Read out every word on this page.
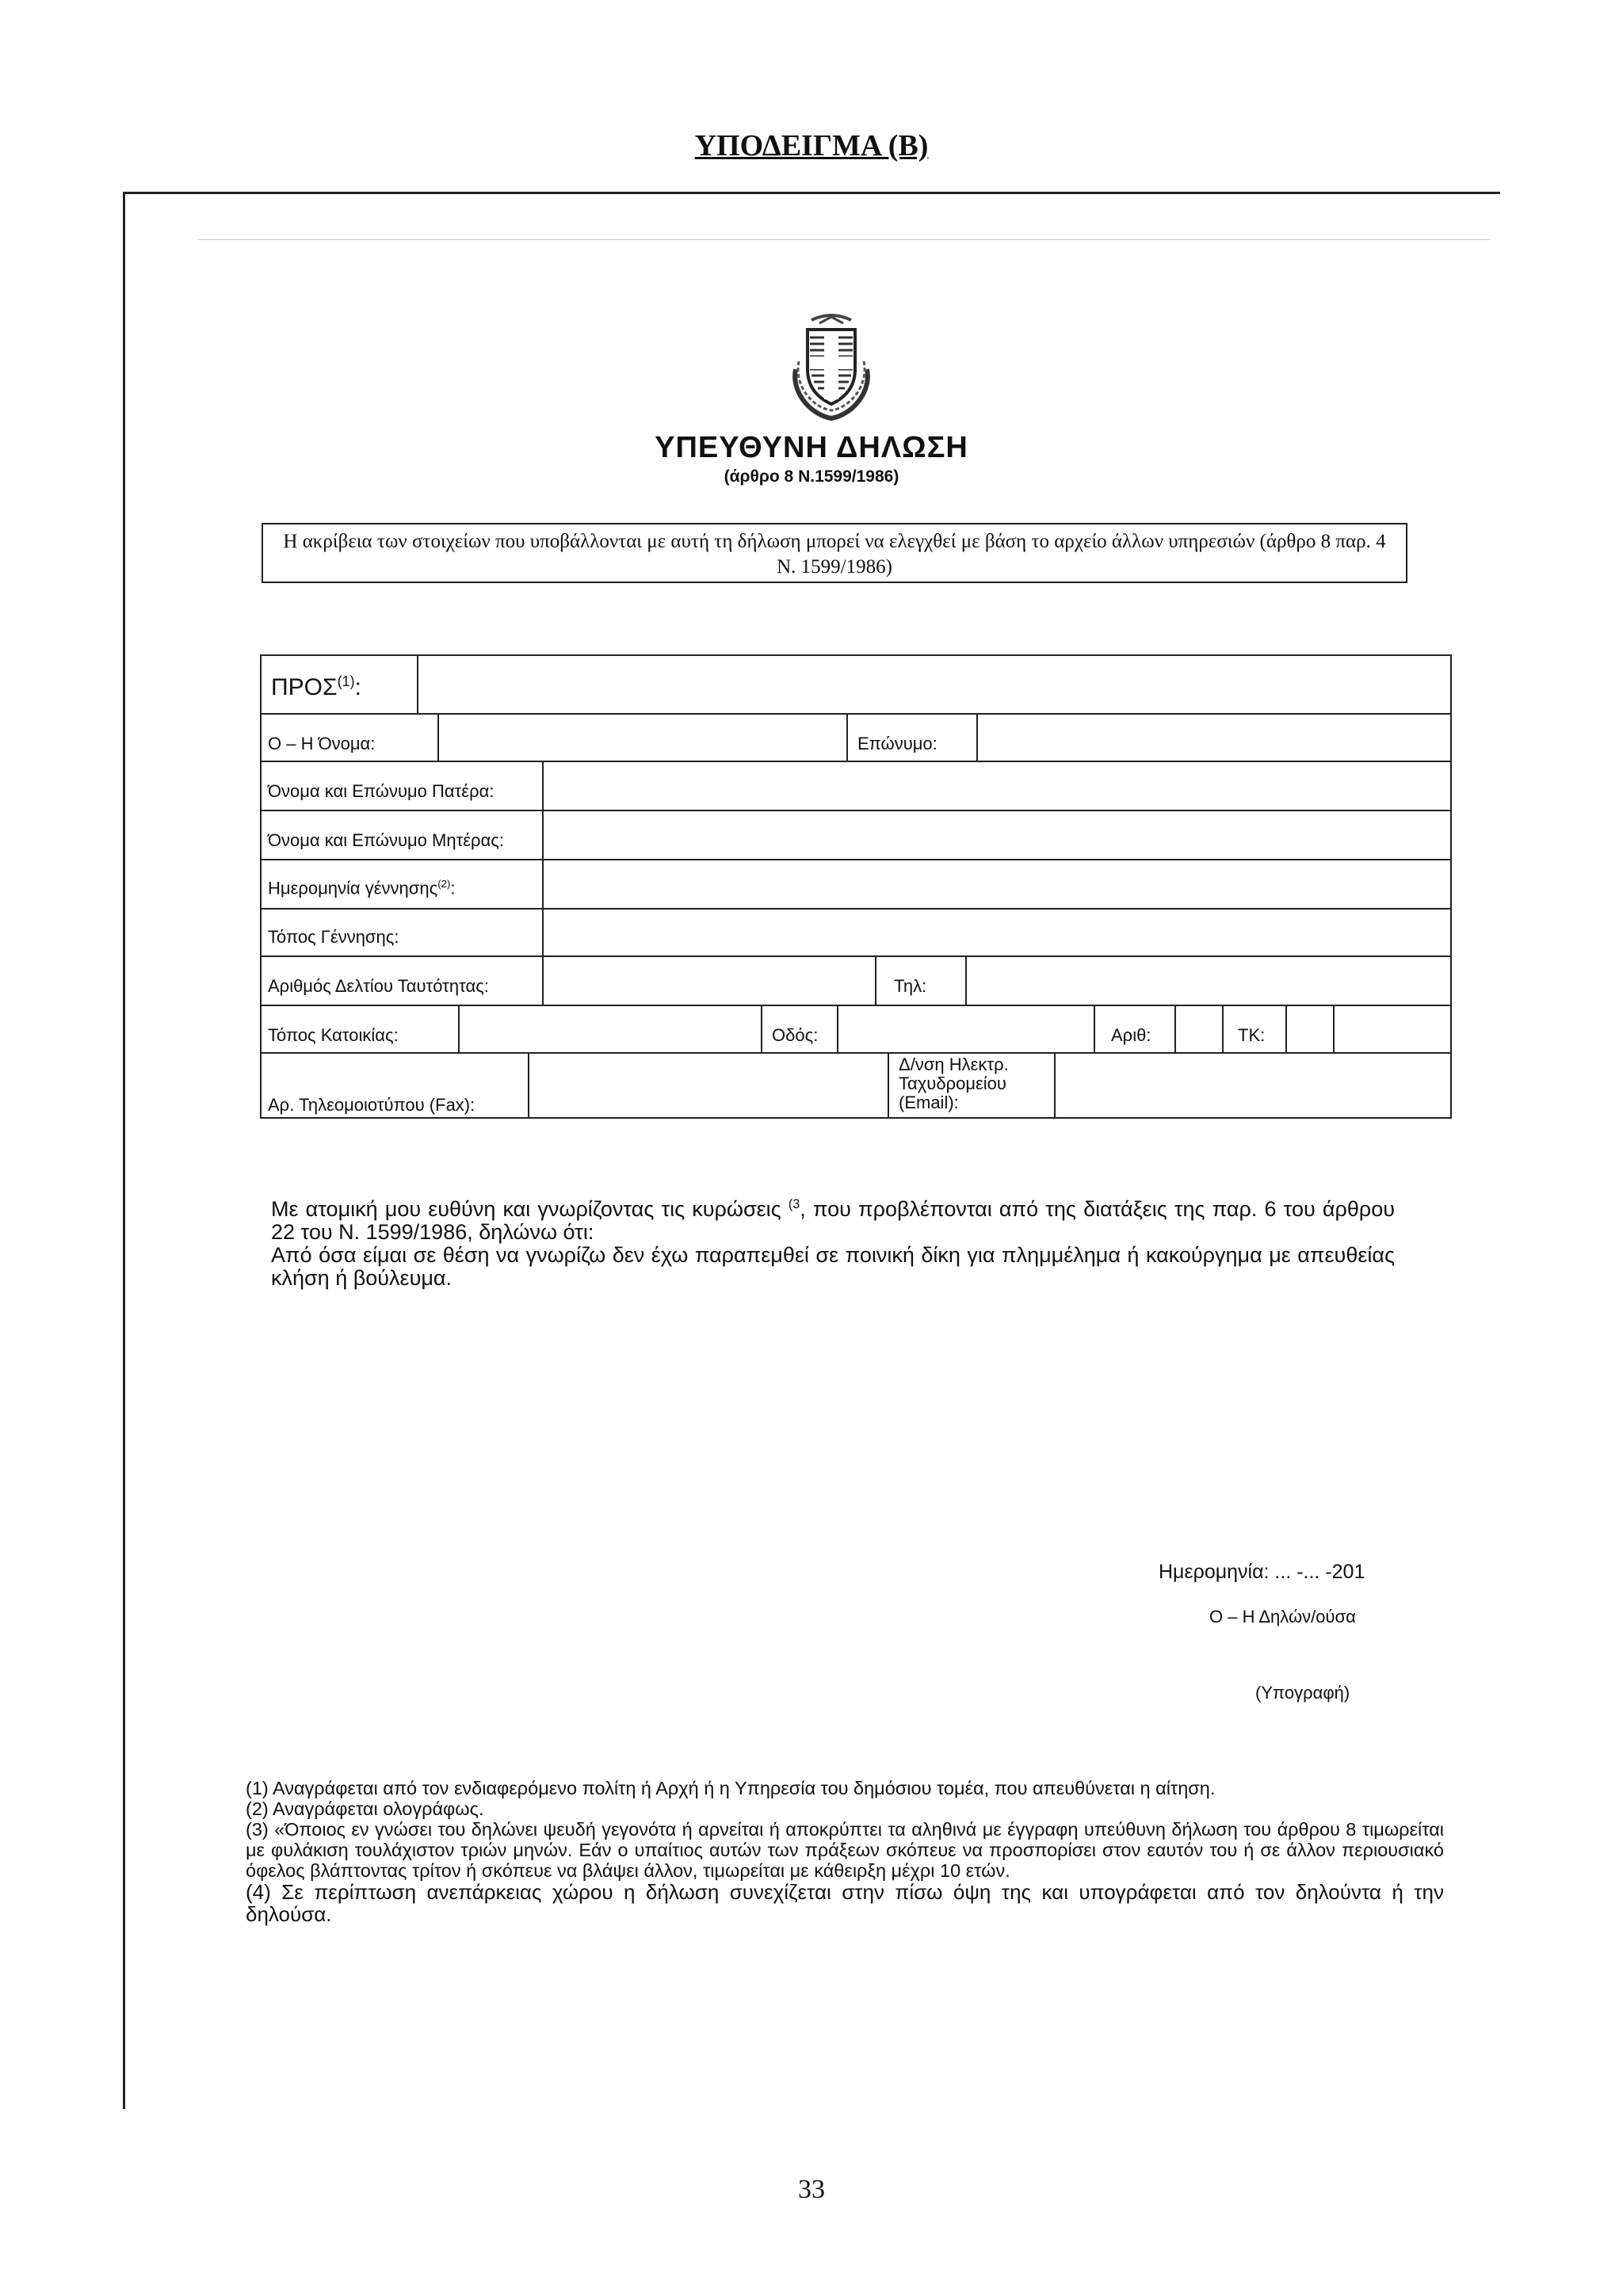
ΥΠΟΔΕΙΓΜΑ (Β)
ΥΠΕΥΘΥΝΗ ΔΗΛΩΣΗ
(άρθρο 8 Ν.1599/1986)
Η ακρίβεια των στοιχείων που υποβάλλονται με αυτή τη δήλωση μπορεί να ελεγχθεί με βάση το αρχείο άλλων υπηρεσιών (άρθρο 8 παρ. 4 Ν. 1599/1986)
ΠΡΟΣ$^{(1)}$:
Ο – Η Όνομα:	Επώνυμο:
Όνομα και Επώνυμο Πατέρα:
Όνομα και Επώνυμο Μητέρας:
Ημερομηνία γέννησης$^{(2)}$:
Τόπος Γέννησης:
Αριθμός Δελτίου Ταυτότητας:	Τηλ:
Τόπος Κατοικίας:	Οδός:	Αριθ:	ΤΚ:
Αρ. Τηλεομοιοτύπου (Fax):
Δ/νση Ηλεκτρ.
Ταχυδρομείου
(Email):

Με ατομική μου ευθύνη και γνωρίζοντας τις κυρώσεις $^{(3}$, που προβλέπονται από της διατάξεις της παρ. 6 του άρθρου 22 του Ν. 1599/1986, δηλώνω ότι:

Από όσα είμαι σε θέση να γνωρίζω δεν έχω παραπεμθεί σε ποινική δίκη για πλημμέλημα ή κακούργημα με απευθείας κλήση ή βούλευμα.

Ημερομηνία: ... -... -201
Ο – Η Δηλών/ούσα
(Υπογραφή)

(1) Αναγράφεται από τον ενδιαφερόμενο πολίτη ή Αρχή ή η Υπηρεσία του δημόσιου τομέα, που απευθύνεται η αίτηση.

(2) Αναγράφεται ολογράφως.

(3) «Όποιος εν γνώσει του δηλώνει ψευδή γεγονότα ή αρνείται ή αποκρύπτει τα αληθινά με έγγραφη υπεύθυνη δήλωση του άρθρου 8 τιμωρείται με φυλάκιση τουλάχιστον τριών μηνών. Εάν ο υπαίτιος αυτών των πράξεων σκόπευε να προσπορίσει στον εαυτόν του ή σε άλλον περιουσιακό όφελος βλάπτοντας τρίτον ή σκόπευε να βλάψει άλλον, τιμωρείται με κάθειρξη μέχρι 10 ετών.

(4) Σε περίπτωση ανεπάρκειας χώρου η δήλωση συνεχίζεται στην πίσω όψη της και υπογράφεται από τον δηλούντα ή την δηλούσα.

33
